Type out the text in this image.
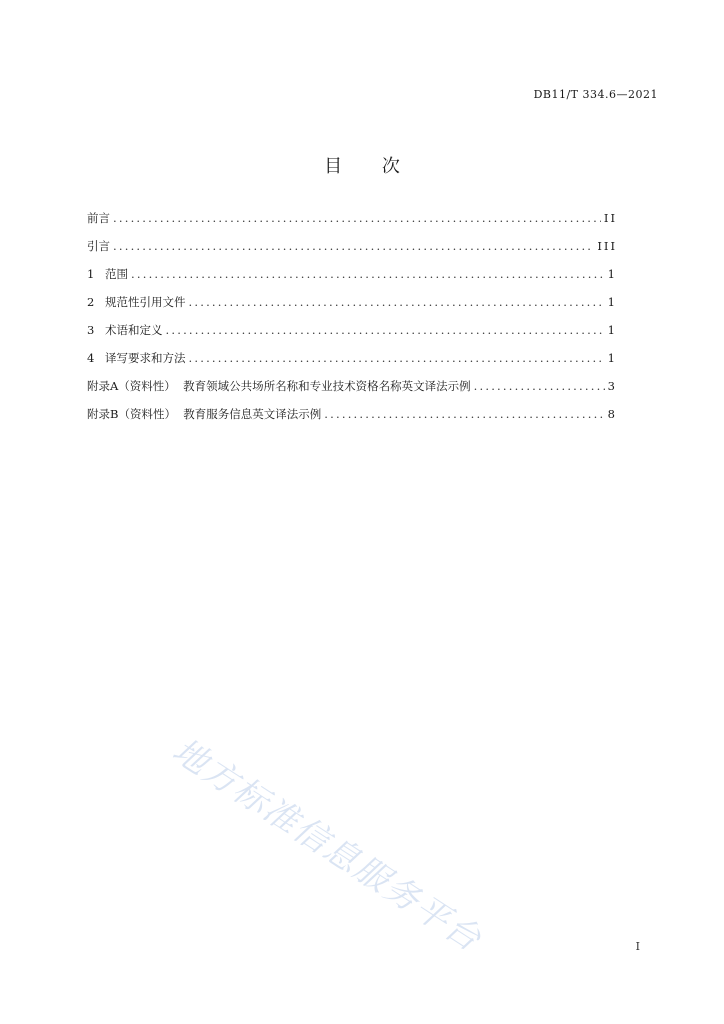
DB11/T 334.6—2021
目 次
前言 .....	II
引言 .....	III
1 范围 .....	1
2 规范性引用文件 .....	1
3 术语和定义 .....	1
4 译写要求和方法 .....	1
附录A（资料性）  教育领域公共场所名称和专业技术资格名称英文译法示例 .....	3
附录B（资料性）  教育服务信息英文译法示例 .....	8
地方标准信息服务平台	I
